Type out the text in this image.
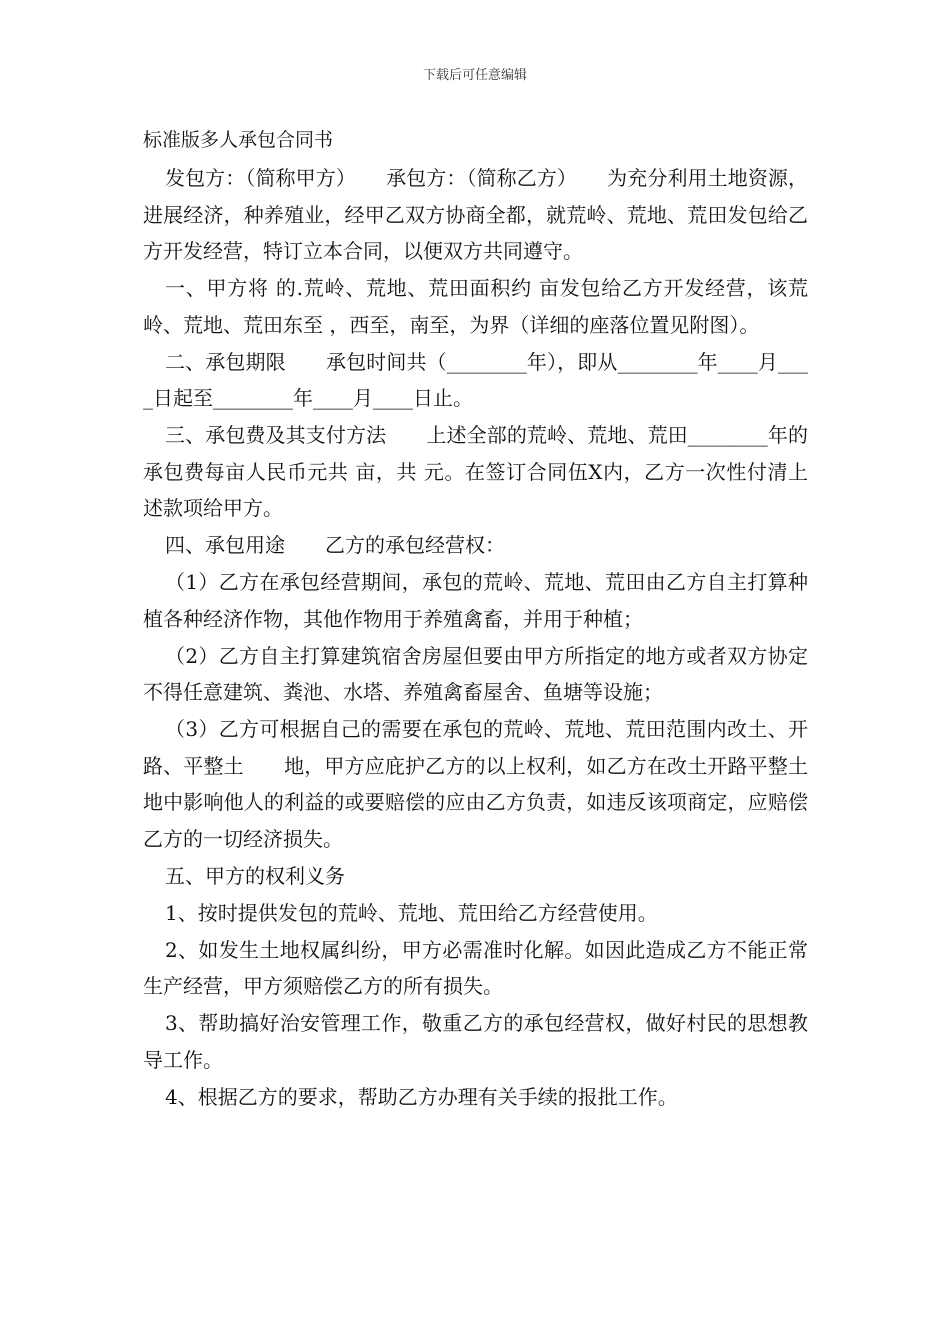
下载后可任意编辑
标准版多人承包合同书

发包方：（简称甲方）　　承包方：（简称乙方）　　为充分利用土地资源，进展经济，种养殖业，经甲乙双方协商全都，就荒岭、荒地、荒田发包给乙方开发经营，特订立本合同，以便双方共同遵守。

一、甲方将 的.荒岭、荒地、荒田面积约 亩发包给乙方开发经营，该荒岭、荒地、荒田东至 ，西至，南至，为界（详细的座落位置见附图）。

二、承包期限　　承包时间共（________年），即从________年____月____日起至________年____月____日止。

三、承包费及其支付方法　　上述全部的荒岭、荒地、荒田________年的承包费每亩人民币元共 亩，共 元。在签订合同伍X内，乙方一次性付清上述款项给甲方。

四、承包用途　　乙方的承包经营权：

（1）乙方在承包经营期间，承包的荒岭、荒地、荒田由乙方自主打算种植各种经济作物，其他作物用于养殖禽畜，并用于种植；

（2）乙方自主打算建筑宿舍房屋但要由甲方所指定的地方或者双方协定不得任意建筑、粪池、水塔、养殖禽畜屋舍、鱼塘等设施；

（3）乙方可根据自己的需要在承包的荒岭、荒地、荒田范围内改土、开路、平整土　　地，甲方应庇护乙方的以上权利，如乙方在改土开路平整土地中影响他人的利益的或要赔偿的应由乙方负责，如违反该项商定，应赔偿乙方的一切经济损失。

五、甲方的权利义务

1、按时提供发包的荒岭、荒地、荒田给乙方经营使用。

2、如发生土地权属纠纷，甲方必需准时化解。如因此造成乙方不能正常生产经营，甲方须赔偿乙方的所有损失。

3、帮助搞好治安管理工作，敬重乙方的承包经营权，做好村民的思想教导工作。

4、根据乙方的要求，帮助乙方办理有关手续的报批工作。
